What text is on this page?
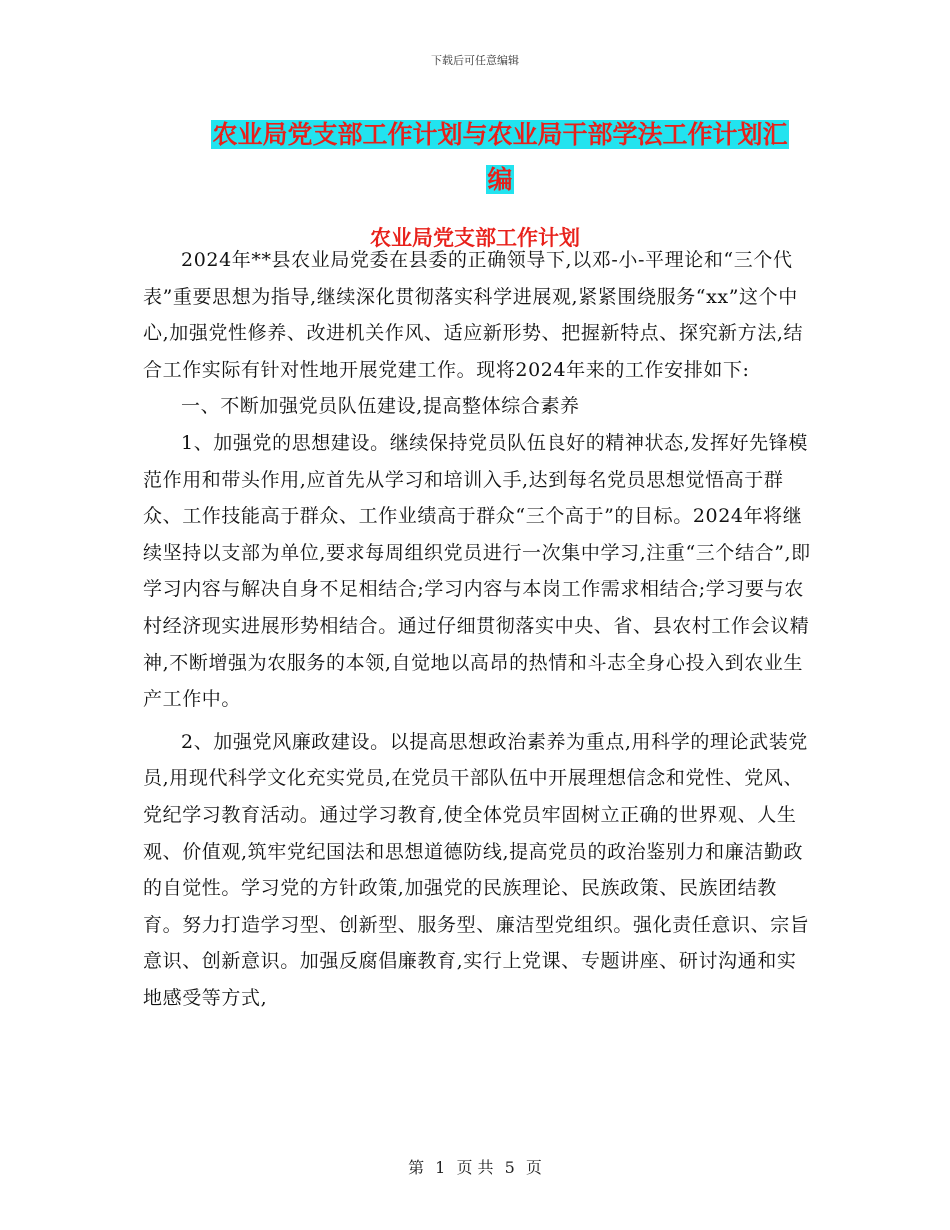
下载后可任意编辑
农业局党支部工作计划与农业局干部学法工作计划汇
编
农业局党支部工作计划

2024年**县农业局党委在县委的正确领导下,以邓-小-平理论和“三个代表”重要思想为指导,继续深化贯彻落实科学进展观,紧紧围绕服务“xx”这个中心,加强党性修养、改进机关作风、适应新形势、把握新特点、探究新方法,结合工作实际有针对性地开展党建工作。现将2024年来的工作安排如下:

一、不断加强党员队伍建设,提高整体综合素养

1、加强党的思想建设。继续保持党员队伍良好的精神状态,发挥好先锋模范作用和带头作用,应首先从学习和培训入手,达到每名党员思想觉悟高于群众、工作技能高于群众、工作业绩高于群众“三个高于”的目标。2024年将继续坚持以支部为单位,要求每周组织党员进行一次集中学习,注重“三个结合”,即学习内容与解决自身不足相结合;学习内容与本岗工作需求相结合;学习要与农村经济现实进展形势相结合。通过仔细贯彻落实中央、省、县农村工作会议精神,不断增强为农服务的本领,自觉地以高昂的热情和斗志全身心投入到农业生产工作中。

2、加强党风廉政建设。以提高思想政治素养为重点,用科学的理论武装党员,用现代科学文化充实党员,在党员干部队伍中开展理想信念和党性、党风、党纪学习教育活动。通过学习教育,使全体党员牢固树立正确的世界观、人生观、价值观,筑牢党纪国法和思想道德防线,提高党员的政治鉴别力和廉洁勤政的自觉性。学习党的方针政策,加强党的民族理论、民族政策、民族团结教育。努力打造学习型、创新型、服务型、廉洁型党组织。强化责任意识、宗旨意识、创新意识。加强反腐倡廉教育,实行上党课、专题讲座、研讨沟通和实地感受等方式,

第 1 页 共 5 页
